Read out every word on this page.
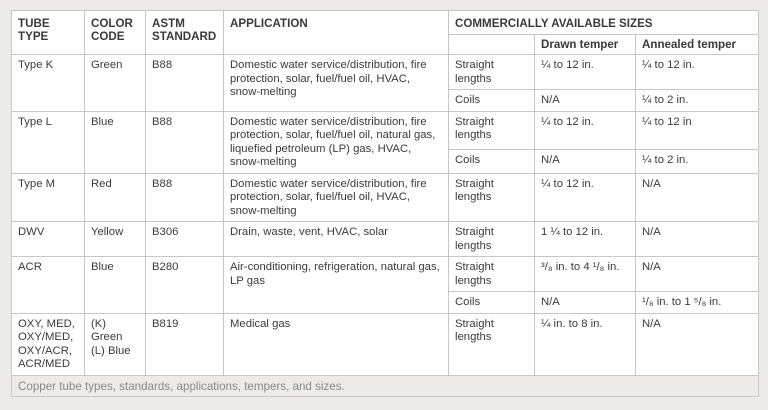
TUBE TYPE	COLOR CODE	ASTM STANDARD	APPLICATION	COMMERCIALLY AVAILABLE SIZES		
					Drawn temper	Annealed temper
Type K	Green	B88	Domestic water service/distribution, fire protection, solar, fuel/fuel oil, HVAC, snow-melting	Straight lengths	¼ to 12 in.	¼ to 12 in.
				Coils	N/A	¼ to 2 in.
Type L	Blue	B88	Domestic water service/distribution, fire protection, solar, fuel/fuel oil, natural gas, liquefied petroleum (LP) gas, HVAC, snow-melting	Straight lengths	¼ to 12 in.	¼ to 12 in
				Coils	N/A	¼ to 2 in.
Type M	Red	B88	Domestic water service/distribution, fire protection, solar, fuel/fuel oil, HVAC, snow-melting	Straight lengths	¼ to 12 in.	N/A
DWV	Yellow	B306	Drain, waste, vent, HVAC, solar	Straight lengths	1 ¼ to 12 in.	N/A
ACR	Blue	B280	Air-conditioning, refrigeration, natural gas, LP gas	Straight lengths	³/₈ in. to 4 ¹/₈ in.	N/A
				Coils	N/A	¹/₈ in. to 1 ⁵/₈ in.
OXY, MED, OXY/MED, OXY/ACR, ACR/MED	(K) Green (L) Blue	B819	Medical gas	Straight lengths	¼ in. to 8 in.	N/A
Copper tube types, standards, applications, tempers, and sizes.						
